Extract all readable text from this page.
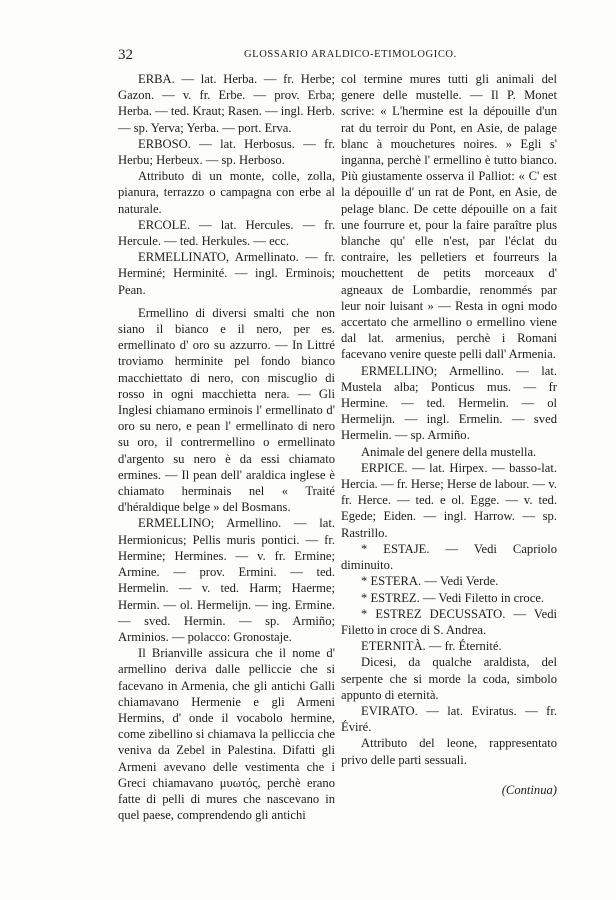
32	GLOSSARIO ARALDICO-ETIMOLOGICO.

ERBA. — lat. Herba. — fr. Herbe; Gazon. — v. fr. Erbe. — prov. Erba; Herba. — ted. Kraut; Rasen. — ingl. Herb. — sp. Yerva; Yerba. — port. Erva.

ERBOSO. — lat. Herbosus. — fr. Herbu; Herbeux. — sp. Herboso.

Attributo di un monte, colle, zolla, pianura, terrazzo o campagna con erbe al naturale.

ERCOLE. — lat. Hercules. — fr. Hercule. — ted. Herkules. — ecc.

ERMELLINATO, Armellinato. — fr. Herminé; Herminité. — ingl. Erminois; Pean.

Ermellino di diversi smalti che non siano il bianco e il nero, per es. ermellinato d' oro su azzurro. — In Littré troviamo herminite pel fondo bianco macchiettato di nero, con miscuglio di rosso in ogni macchietta nera. — Gli Inglesi chiamano erminois l' ermellinato d' oro su nero, e pean l' ermellinato di nero su oro, il contrermellino o ermellinato d'argento su nero è da essi chiamato ermines. — Il pean dell' araldica inglese è chiamato herminais nel « Traité d'héraldique belge » del Bosmans.

ERMELLINO; Armellino. — lat. Hermionicus; Pellis muris pontici. — fr. Hermine; Hermines. — v. fr. Ermine; Armine. — prov. Ermini. — ted. Hermelin. — v. ted. Harm; Haerme; Hermin. — ol. Hermelijn. — ing. Ermine. — sved. Hermin. — sp. Armiño; Arminios. — polacco: Gronostaje.

Il Brianville assicura che il nome d' armellino deriva dalle pelliccie che si facevano in Armenia, che gli antichi Galli chiamavano Hermenie e gli Armeni Hermins, d' onde il vocabolo hermine, come zibellino si chiamava la pelliccia che veniva da Zebel in Palestina. Difatti gli Armeni avevano delle vestimenta che i Greci chiamavano μυωτός, perchè erano fatte di pelli di mures che nascevano in quel paese, comprendendo gli antichi

col termine mures tutti gli animali del genere delle mustelle. — Il P. Monet scrive: « L'hermine est la dépouille d'un rat du terroir du Pont, en Asie, de palage blanc à mouchetures noires. » Egli s' inganna, perchè l' ermellino è tutto bianco. Più giustamente osserva il Palliot: « C' est la dépouille d' un rat de Pont, en Asie, de pelage blanc. De cette dépouille on a fait une fourrure et, pour la faire paraître plus blanche qu' elle n'est, par l'éclat du contraire, les pelletiers et fourreurs la mouchettent de petits morceaux d' agneaux de Lombardie, renommés par leur noir luisant » — Resta in ogni modo accertato che armellino o ermellino viene dal lat. armenius, perchè i Romani facevano venire queste pelli dall' Armenia.

ERMELLINO; Armellino. — lat. Mustela alba; Ponticus mus. — fr Hermine. — ted. Hermelin. — ol Hermelijn. — ingl. Ermelin. — sved Hermelin. — sp. Armiño.

Animale del genere della mustella.

ERPICE. — lat. Hirpex. — basso-lat. Hercia. — fr. Herse; Herse de labour. — v. fr. Herce. — ted. e ol. Egge. — v. ted. Egede; Eiden. — ingl. Harrow. — sp. Rastrillo.

* ESTAJE. — Vedi Capriolo diminuito.

* ESTERA. — Vedi Verde.

* ESTREZ. — Vedi Filetto in croce.

* ESTREZ DECUSSATO. — Vedi Filetto in croce di S. Andrea.

ETERNITÀ. — fr. Éternité.

Dicesi, da qualche araldista, del serpente che si morde la coda, simbolo appunto di eternità.

EVIRATO. — lat. Eviratus. — fr. Éviré.

Attributo del leone, rappresentato privo delle parti sessuali.

(Continua)
